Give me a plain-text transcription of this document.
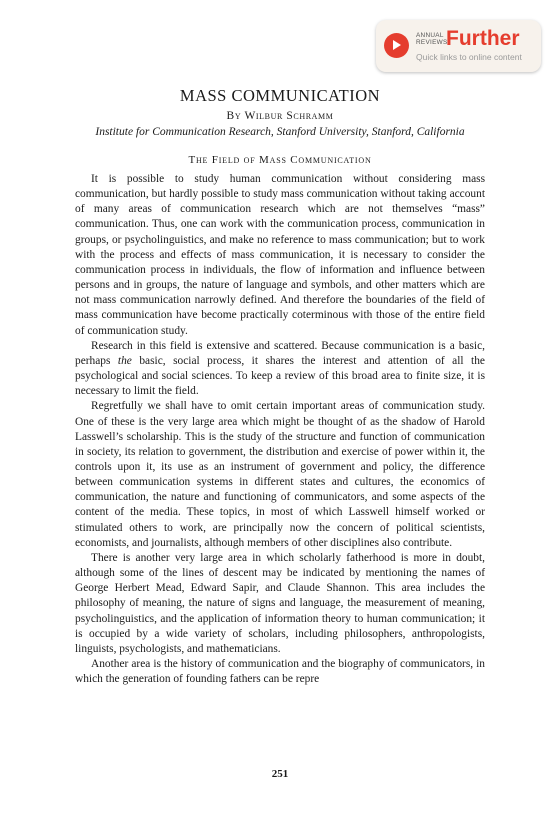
ANNUAL
REVIEWS
Further
Quick links to online content
MASS COMMUNICATION
By Wilbur Schramm
Institute for Communication Research, Stanford University, Stanford, California
The Field of Mass Communication

It is possible to study human communication without considering mass communication, but hardly possible to study mass communication without taking account of many areas of communication research which are not themselves “mass” communication. Thus, one can work with the communication process, communication in groups, or psycholinguistics, and make no reference to mass communication; but to work with the process and effects of mass communication, it is necessary to consider the communication process in individuals, the flow of information and influence between persons and in groups, the nature of language and symbols, and other matters which are not mass communication narrowly defined. And therefore the boundaries of the field of mass communication have become practically coterminous with those of the entire field of communication study.

Research in this field is extensive and scattered. Because communication is a basic, perhaps the basic, social process, it shares the interest and attention of all the psychological and social sciences. To keep a review of this broad area to finite size, it is necessary to limit the field.

Regretfully we shall have to omit certain important areas of communication study. One of these is the very large area which might be thought of as the shadow of Harold Lasswell’s scholarship. This is the study of the structure and function of communication in society, its relation to government, the distribution and exercise of power within it, the controls upon it, its use as an instrument of government and policy, the difference between communication systems in different states and cultures, the economics of communication, the nature and functioning of communicators, and some aspects of the content of the media. These topics, in most of which Lasswell himself worked or stimulated others to work, are principally now the concern of political scientists, economists, and journalists, although members of other disciplines also contribute.

There is another very large area in which scholarly fatherhood is more in doubt, although some of the lines of descent may be indicated by mentioning the names of George Herbert Mead, Edward Sapir, and Claude Shannon. This area includes the philosophy of meaning, the nature of signs and language, the measurement of meaning, psycholinguistics, and the application of information theory to human communication; it is occupied by a wide variety of scholars, including philosophers, anthropologists, linguists, psychologists, and mathematicians.

Another area is the history of communication and the biography of communicators, in which the generation of founding fathers can be repre

251
